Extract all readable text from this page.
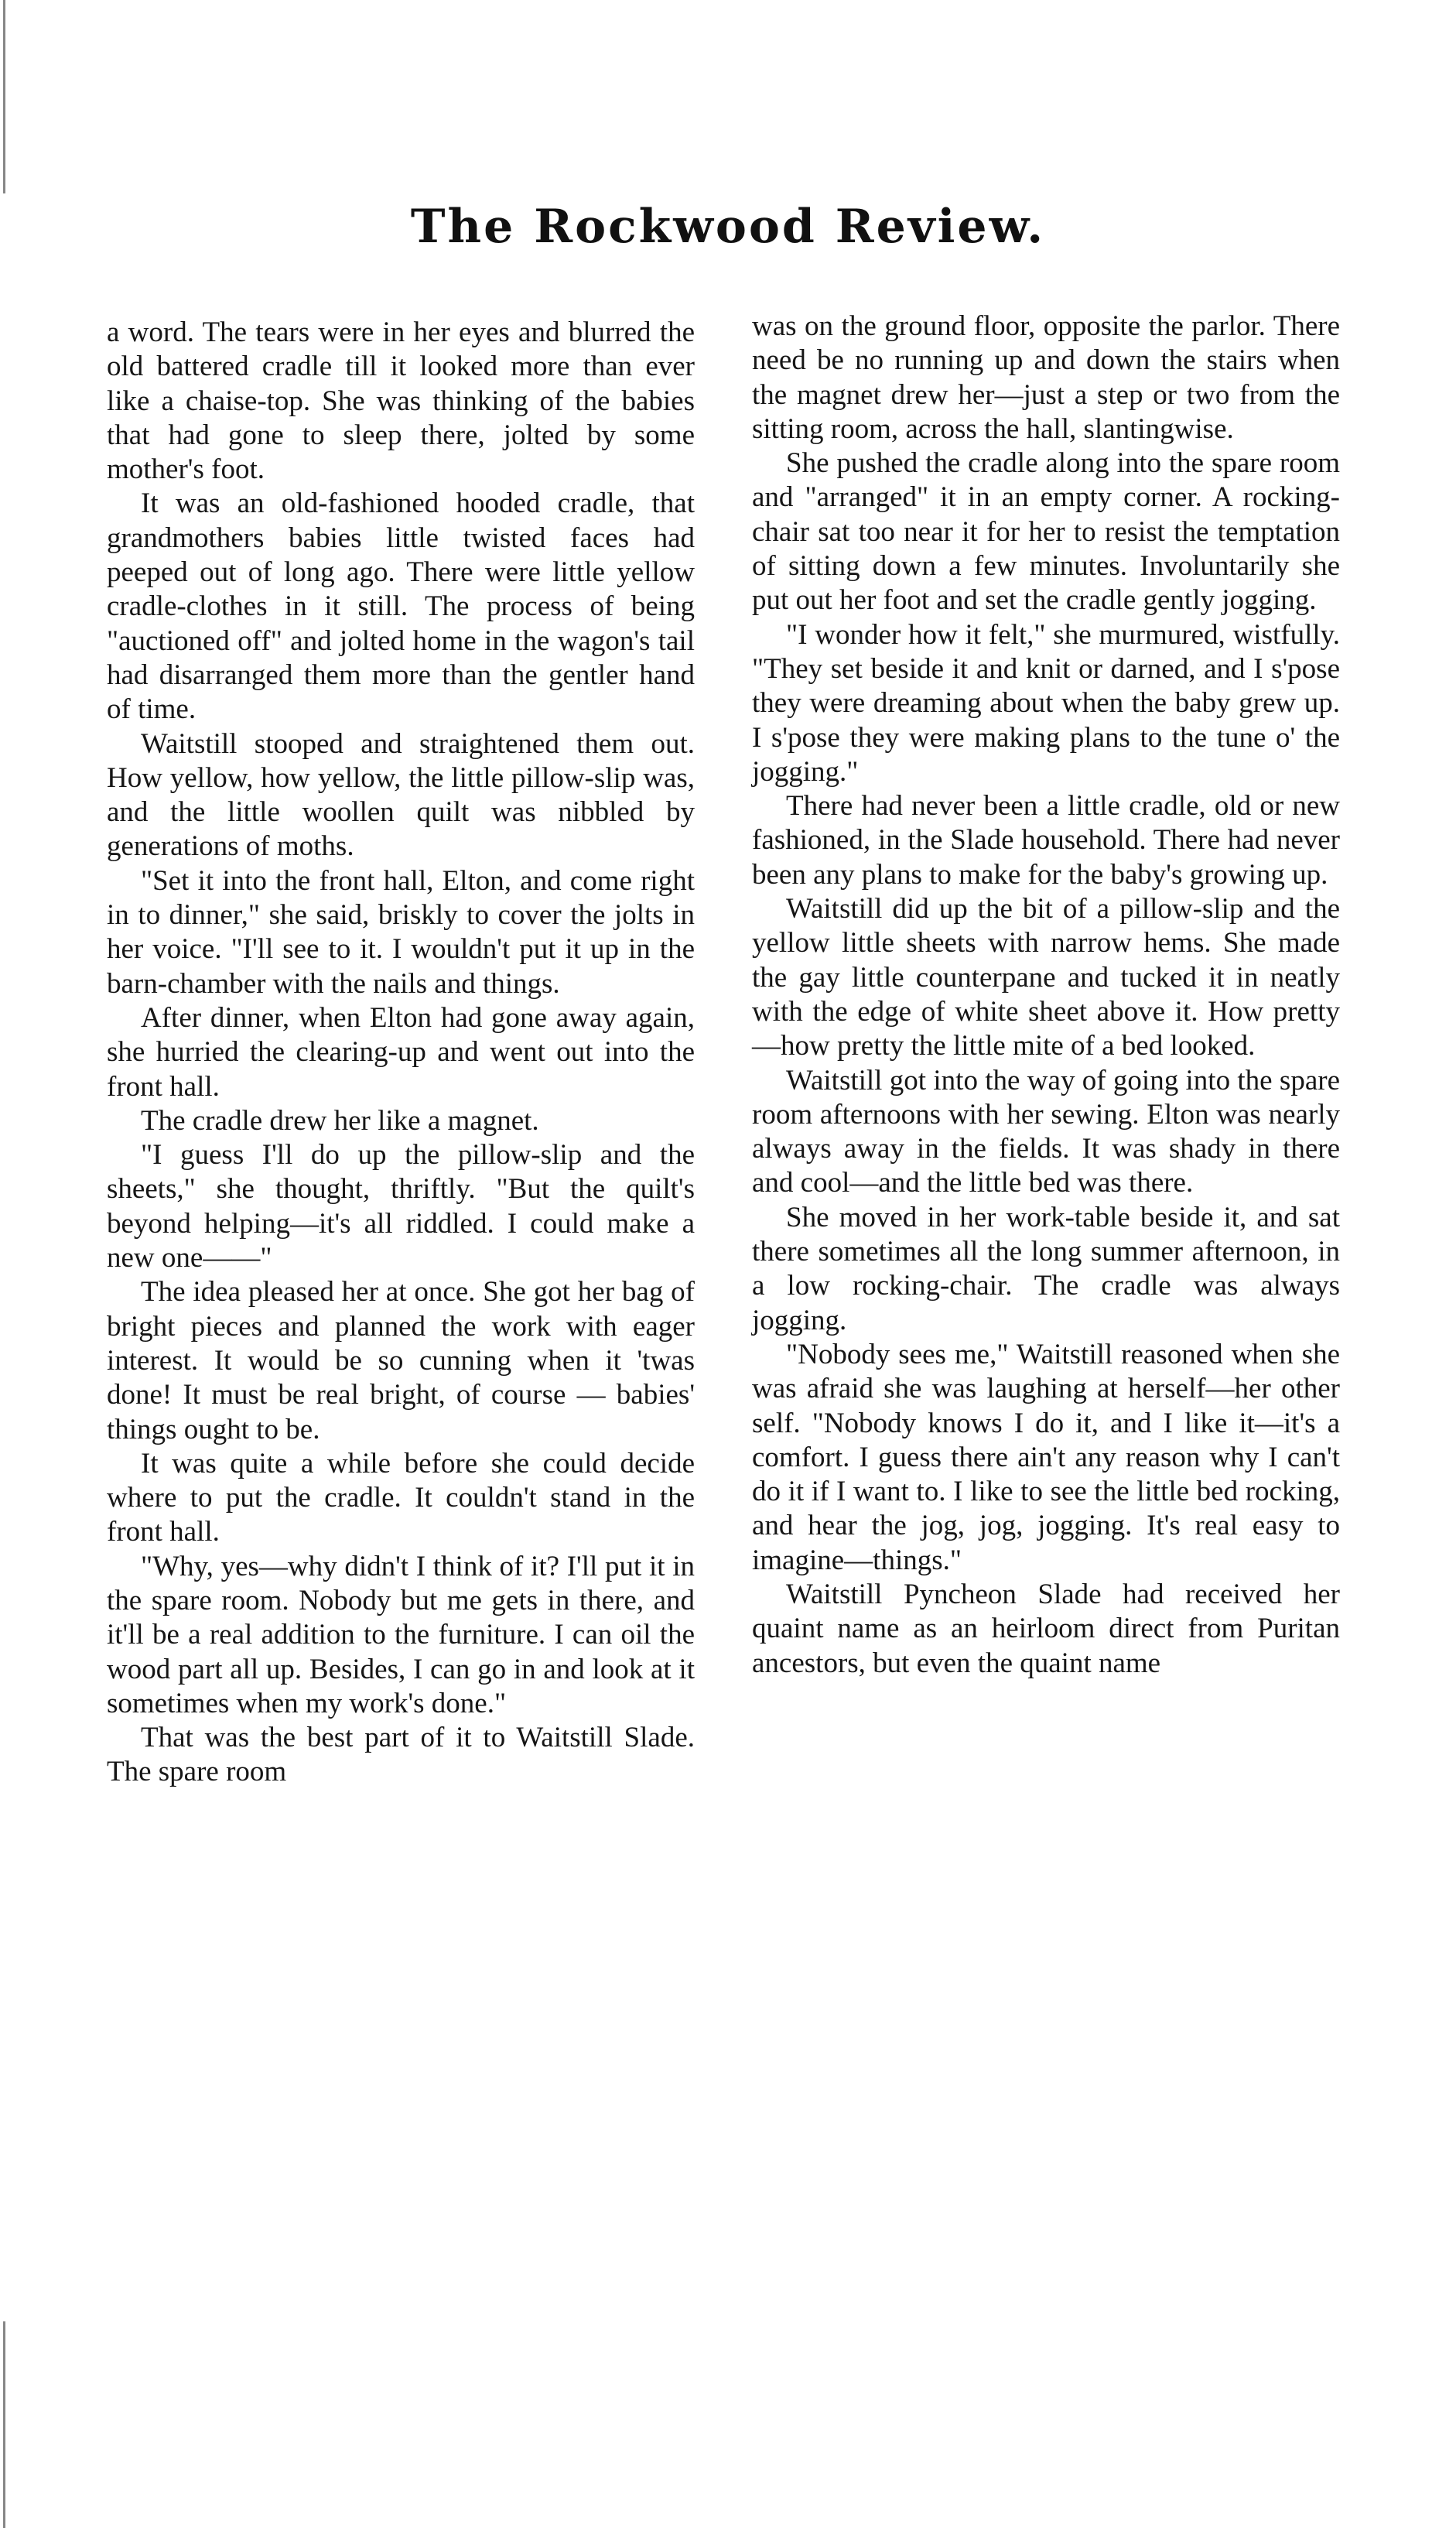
The Rockwood Review.

a word. The tears were in her eyes and blurred the old battered cradle till it looked more than ever like a chaise-top. She was thinking of the babies that had gone to sleep there, jolted by some mother's foot.

It was an old-fashioned hooded cradle, that grandmothers babies little twisted faces had peeped out of long ago. There were little yellow cradle-clothes in it still. The process of being "auctioned off" and jolted home in the wagon's tail had disarranged them more than the gentler hand of time.

Waitstill stooped and straightened them out. How yellow, how yellow, the little pillow-slip was, and the little woollen quilt was nibbled by generations of moths.

"Set it into the front hall, Elton, and come right in to dinner," she said, briskly to cover the jolts in her voice. "I'll see to it. I wouldn't put it up in the barn-chamber with the nails and things.

After dinner, when Elton had gone away again, she hurried the clearing-up and went out into the front hall.

The cradle drew her like a magnet.

"I guess I'll do up the pillow-slip and the sheets," she thought, thriftly. "But the quilt's beyond helping—it's all riddled. I could make a new one——"

The idea pleased her at once. She got her bag of bright pieces and planned the work with eager interest. It would be so cunning when it 'twas done! It must be real bright, of course — babies' things ought to be.

It was quite a while before she could decide where to put the cradle. It couldn't stand in the front hall.

"Why, yes—why didn't I think of it? I'll put it in the spare room. Nobody but me gets in there, and it'll be a real addition to the furniture. I can oil the wood part all up. Besides, I can go in and look at it sometimes when my work's done."

That was the best part of it to Waitstill Slade. The spare room

was on the ground floor, opposite the parlor. There need be no running up and down the stairs when the magnet drew her—just a step or two from the sitting room, across the hall, slantingwise.

She pushed the cradle along into the spare room and "arranged" it in an empty corner. A rocking-chair sat too near it for her to resist the temptation of sitting down a few minutes. Involuntarily she put out her foot and set the cradle gently jogging.

"I wonder how it felt," she murmured, wistfully. "They set beside it and knit or darned, and I s'pose they were dreaming about when the baby grew up. I s'pose they were making plans to the tune o' the jogging."

There had never been a little cradle, old or new fashioned, in the Slade household. There had never been any plans to make for the baby's growing up.

Waitstill did up the bit of a pillow-slip and the yellow little sheets with narrow hems. She made the gay little counterpane and tucked it in neatly with the edge of white sheet above it. How pretty—how pretty the little mite of a bed looked.

Waitstill got into the way of going into the spare room afternoons with her sewing. Elton was nearly always away in the fields. It was shady in there and cool—and the little bed was there.

She moved in her work-table beside it, and sat there sometimes all the long summer afternoon, in a low rocking-chair. The cradle was always jogging.

"Nobody sees me," Waitstill reasoned when she was afraid she was laughing at herself—her other self. "Nobody knows I do it, and I like it—it's a comfort. I guess there ain't any reason why I can't do it if I want to. I like to see the little bed rocking, and hear the jog, jog, jogging. It's real easy to imagine—things."

Waitstill Pyncheon Slade had received her quaint name as an heirloom direct from Puritan ancestors, but even the quaint name
